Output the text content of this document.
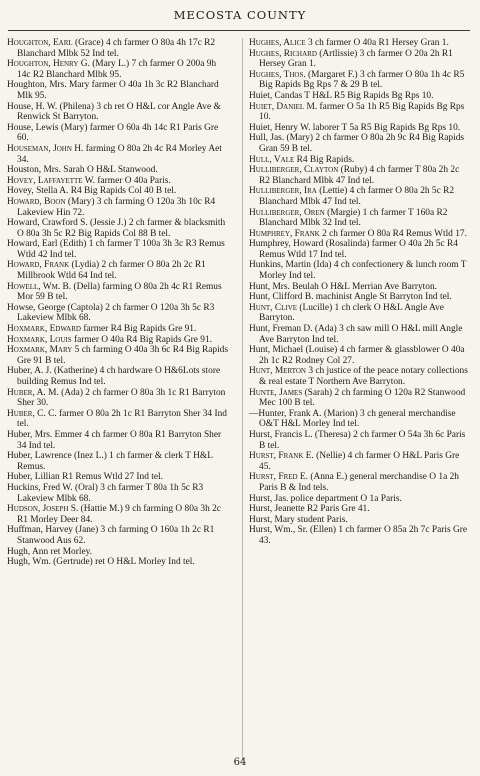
MECOSTA COUNTY

Houghton, Earl (Grace) 4 ch farmer O 80a 4h 17c R2 Blanchard Mlbk 52 Ind tel.

Houghton, Henry G. (Mary L.) 7 ch farmer O 200a 9h 14c R2 Blanchard Mlbk 95.

Houghton, Mrs. Mary farmer O 40a 1h 3c R2 Blanchard Mlk 95.

House, H. W. (Philena) 3 ch ret O H&L cor Angle Ave & Renwick St Barryton.

House, Lewis (Mary) farmer O 60a 4h 14c R1 Paris Gre 60.

Houseman, John H. farming O 80a 2h 4c R4 Morley Aet 34.

Houston, Mrs. Sarah O H&L Stanwood.

Hovey, Laffayette W. farmer O 40a Paris.

Hovey, Stella A. R4 Big Rapids Col 40 B tel.

Howard, Boon (Mary) 3 ch farming O 120a 3h 10c R4 Lakeview Hin 72.

Howard, Crawford S. (Jessie J.) 2 ch farmer & blacksmith O 80a 3h 5c R2 Big Rapids Col 88 B tel.

Howard, Earl (Edith) 1 ch farmer T 100a 3h 3c R3 Remus Wtld 42 Ind tel.

Howard, Frank (Lydia) 2 ch farmer O 80a 2h 2c R1 Millbrook Wtld 64 Ind tel.

Howell, Wm. B. (Della) farming O 80a 2h 4c R1 Remus Mor 59 B tel.

Howse, George (Captola) 2 ch farmer O 120a 3h 5c R3 Lakeview Mlbk 68.

Hoxmark, Edward farmer R4 Big Rapids Gre 91.

Hoxmark, Louis farmer O 40a R4 Big Rapids Gre 91.

Hoxmark, Mary 5 ch farming O 40a 3h 6c R4 Big Rapids Gre 91 B tel.

Huber, A. J. (Katherine) 4 ch hardware O H&6Lots store building Remus Ind tel.

Huber, A. M. (Ada) 2 ch farmer O 80a 3h 1c R1 Barryton Sher 30.

Huber, C. C. farmer O 80a 2h 1c R1 Barryton Sher 34 Ind tel.

Huber, Mrs. Emmer 4 ch farmer O 80a R1 Barryton Sher 34 Ind tel.

Huber, Lawrence (Inez L.) 1 ch farmer & clerk T H&L Remus.

Huber, Lillian R1 Remus Wtld 27 Ind tel.

Huckins, Fred W. (Oral) 3 ch farmer T 80a 1h 5c R3 Lakeview Mlbk 68.

Hudson, Joseph S. (Hattie M.) 9 ch farming O 80a 3h 2c R1 Morley Deer 84.

Huffman, Harvey (Jane) 3 ch farming O 160a 1h 2c R1 Stanwood Aus 62.

Hugh, Ann ret Morley.

Hugh, Wm. (Gertrude) ret O H&L Morley Ind tel.

Hughes, Alice 3 ch farmer O 40a R1 Hersey Gran 1.

Hughes, Richard (Artlissie) 3 ch farmer O 20a 2h R1 Hersey Gran 1.

Hughes, Thos. (Margaret F.) 3 ch farmer O 80a 1h 4c R5 Big Rapids Bg Rps 7 & 29 B tel.

Huiet, Candas T H&L R5 Big Rapids Bg Rps 10.

Huiet, Daniel M. farmer O 5a 1h R5 Big Rapids Bg Rps 10.

Huiet, Henry W. laborer T 5a R5 Big Rapids Bg Rps 10.

Hull, Jas. (Mary) 2 ch farmer O 80a 2h 9c R4 Big Rapids Gran 59 B tel.

Hull, Vale R4 Big Rapids.

Hulliberger, Clayton (Ruby) 4 ch farmer T 80a 2h 2c R2 Blanchard Mlbk 47 Ind tel.

Hulliberger, Ira (Lettie) 4 ch farmer O 80a 2h 5c R2 Blanchard Mlbk 47 Ind tel.

Hulliberger, Oren (Margie) 1 ch farmer T 160a R2 Blanchard Mlbk 32 Ind tel.

Humphrey, Frank 2 ch farmer O 80a R4 Remus Wtld 17.

Humphrey, Howard (Rosalinda) farmer O 40a 2h 5c R4 Remus Wtld 17 Ind tel.

Hunkins, Martin (Ida) 4 ch confectionery & lunch room T Morley Ind tel.

Hunt, Mrs. Beulah O H&L Merrian Ave Barryton.

Hunt, Clifford B. machinist Angle St Barryton Ind tel.

Hunt, Clive (Lucille) 1 ch clerk O H&L Angle Ave Barryton.

Hunt, Freman D. (Ada) 3 ch saw mill O H&L mill Angle Ave Barryton Ind tel.

Hunt, Michael (Louise) 4 ch farmer & glassblower O 40a 2h 1c R2 Rodney Col 27.

Hunt, Merton 3 ch justice of the peace notary collections & real estate T Northern Ave Barryton.

Hunte, James (Sarah) 2 ch farming O 120a R2 Stanwood Mec 100 B tel.

—Hunter, Frank A. (Marion) 3 ch general merchandise O&T H&L Morley Ind tel.

Hurst, Francis L. (Theresa) 2 ch farmer O 54a 3h 6c Paris B tel.

Hurst, Frank E. (Nellie) 4 ch farmer O H&L Paris Gre 45.

Hurst, Fred E. (Anna E.) general merchandise O 1a 2h Paris B & Ind tels.

Hurst, Jas. police department O 1a Paris.

Hurst, Jeanette R2 Paris Gre 41.

Hurst, Mary student Paris.

Hurst, Wm., Sr. (Ellen) 1 ch farmer O 85a 2h 7c Paris Gre 43.

64
